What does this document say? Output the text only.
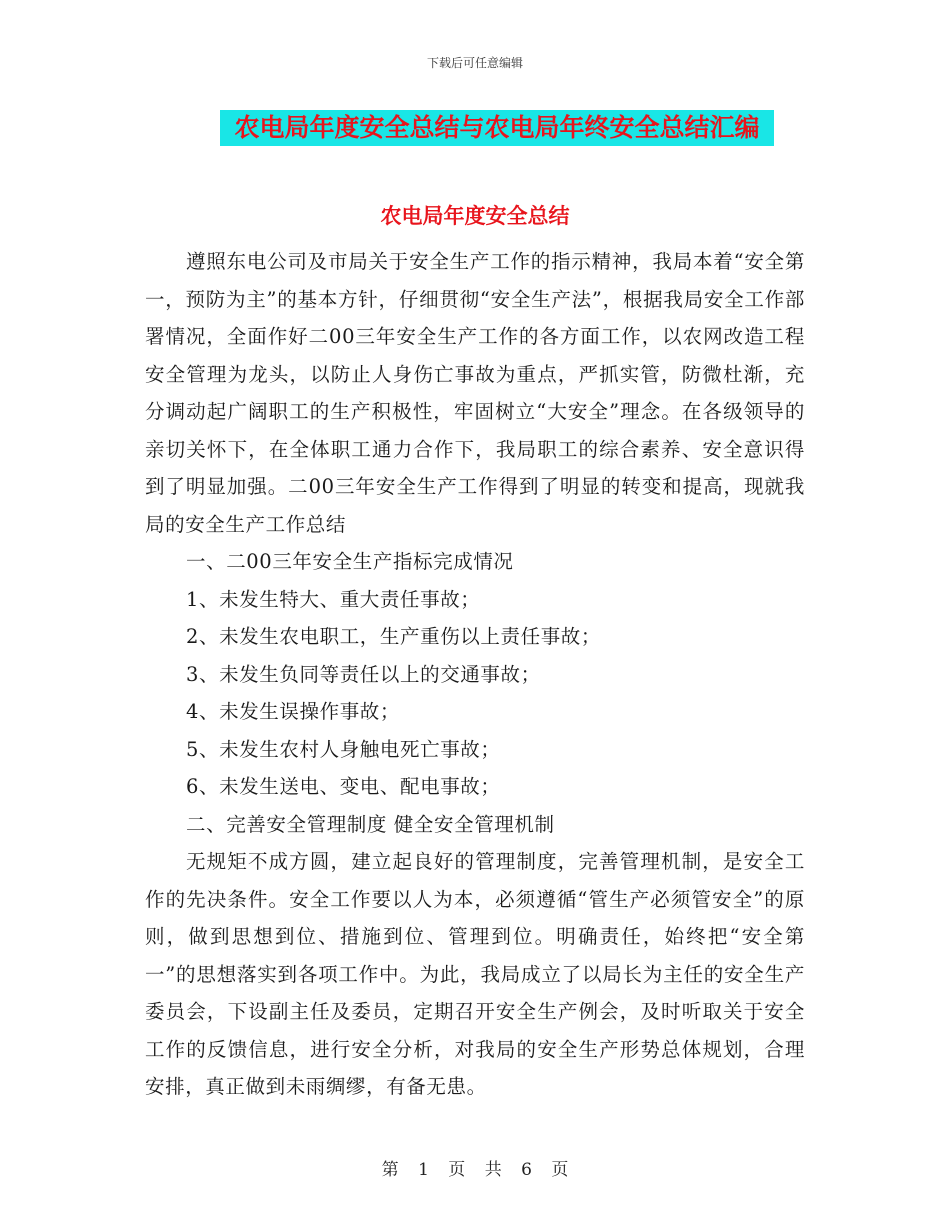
下载后可任意编辑
农电局年度安全总结与农电局年终安全总结汇编
农电局年度安全总结

遵照东电公司及市局关于安全生产工作的指示精神，我局本着“安全第一，预防为主”的基本方针，仔细贯彻“安全生产法”，根据我局安全工作部署情况，全面作好二00三年安全生产工作的各方面工作，以农网改造工程安全管理为龙头，以防止人身伤亡事故为重点，严抓实管，防微杜渐，充分调动起广阔职工的生产积极性，牢固树立“大安全”理念。在各级领导的亲切关怀下，在全体职工通力合作下，我局职工的综合素养、安全意识得到了明显加强。二00三年安全生产工作得到了明显的转变和提高，现就我局的安全生产工作总结

一、二00三年安全生产指标完成情况

1、未发生特大、重大责任事故；

2、未发生农电职工，生产重伤以上责任事故；

3、未发生负同等责任以上的交通事故；

4、未发生误操作事故；

5、未发生农村人身触电死亡事故；

6、未发生送电、变电、配电事故；

二、完善安全管理制度 健全安全管理机制

无规矩不成方圆，建立起良好的管理制度，完善管理机制，是安全工作的先决条件。安全工作要以人为本，必须遵循“管生产必须管安全”的原则，做到思想到位、措施到位、管理到位。明确责任，始终把“安全第一”的思想落实到各项工作中。为此，我局成立了以局长为主任的安全生产委员会，下设副主任及委员，定期召开安全生产例会，及时听取关于安全工作的反馈信息，进行安全分析，对我局的安全生产形势总体规划，合理安排，真正做到未雨绸缪，有备无患。

第 1 页 共 6 页
